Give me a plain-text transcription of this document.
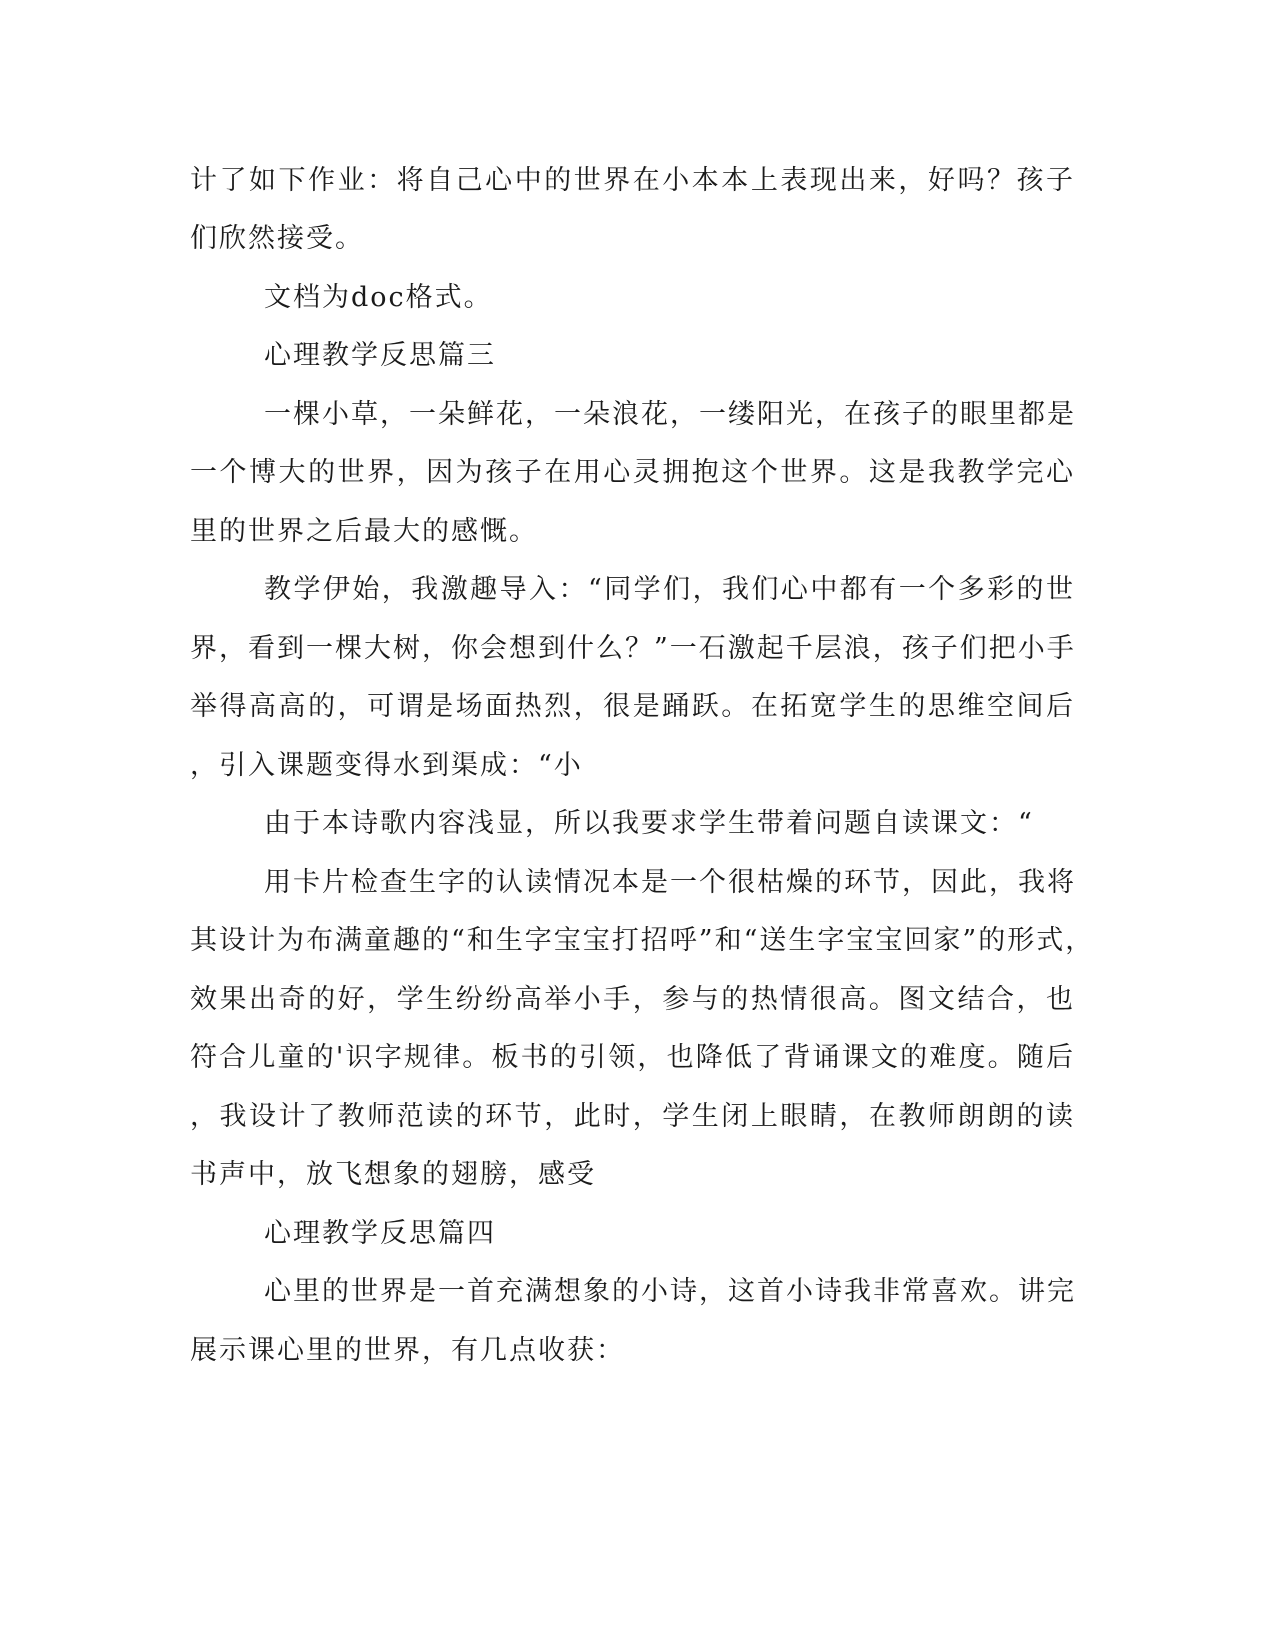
计了如下作业：将自己心中的世界在小本本上表现出来，好吗？孩子
们欣然接受。
文档为doc格式。
心理教学反思篇三
一棵小草，一朵鲜花，一朵浪花，一缕阳光，在孩子的眼里都是
一个博大的世界，因为孩子在用心灵拥抱这个世界。这是我教学完心
里的世界之后最大的感慨。
教学伊始，我激趣导入：“同学们，我们心中都有一个多彩的世
界，看到一棵大树，你会想到什么？”一石激起千层浪，孩子们把小手
举得高高的，可谓是场面热烈，很是踊跃。在拓宽学生的思维空间后
，引入课题变得水到渠成：“小
由于本诗歌内容浅显，所以我要求学生带着问题自读课文：“
用卡片检查生字的认读情况本是一个很枯燥的环节，因此，我将
其设计为布满童趣的“和生字宝宝打招呼”和“送生字宝宝回家”的形式，
效果出奇的好，学生纷纷高举小手，参与的热情很高。图文结合，也
符合儿童的'识字规律。板书的引领，也降低了背诵课文的难度。随后
，我设计了教师范读的环节，此时，学生闭上眼睛，在教师朗朗的读
书声中，放飞想象的翅膀，感受
心理教学反思篇四
心里的世界是一首充满想象的小诗，这首小诗我非常喜欢。讲完
展示课心里的世界，有几点收获：
